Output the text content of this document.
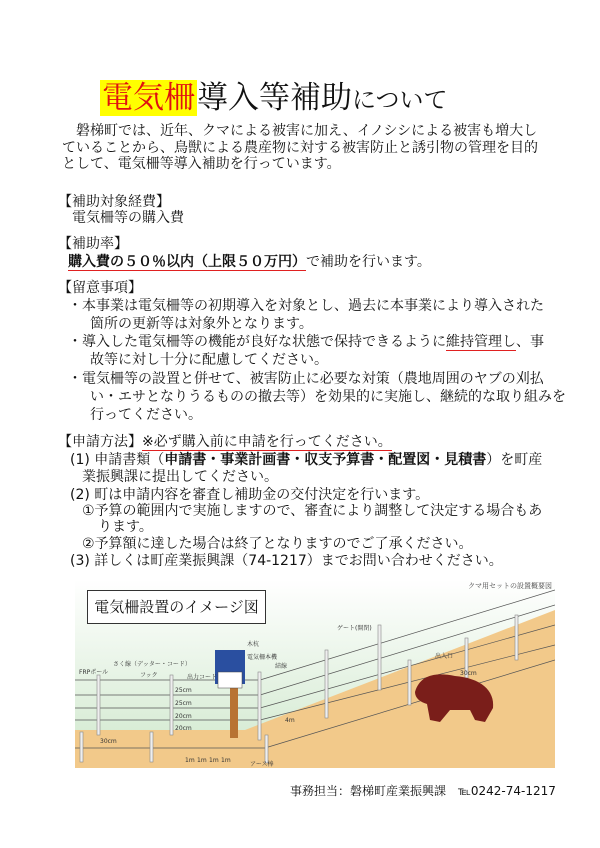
電気柵導入等補助について
　磐梯町では、近年、クマによる被害に加え、イノシシによる被害も増大し
ていることから、鳥獣による農産物に対する被害防止と誘引物の管理を目的
として、電気柵等導入補助を行っています。
【補助対象経費】
電気柵等の購入費
【補助率】
購入費の５０％以内（上限５０万円）で補助を行います。
【留意事項】
・本事業は電気柵等の初期導入を対象とし、過去に本事業により導入された
箇所の更新等は対象外となります。
・導入した電気柵等の機能が良好な状態で保持できるように維持管理し、事
故等に対し十分に配慮してください。
・電気柵等の設置と併せて、被害防止に必要な対策（農地周囲のヤブの刈払
い・エサとなりうるものの撤去等）を効果的に実施し、継続的な取り組みを
行ってください。
【申請方法】※必ず購入前に申請を行ってください。
(1) 申請書類（申請書・事業計画書・収支予算書・配置図・見積書）を町産
業振興課に提出してください。
(2) 町は申請内容を審査し補助金の交付決定を行います。
①予算の範囲内で実施しますので、審査により調整して決定する場合もあ
ります。
②予算額に達した場合は終了となりますのでご了承ください。
(3) 詳しくは町産業振興課（74-1217）までお問い合わせください。
FRPポール
さく線（デッター・コード）
フック	出力コード
木杭
電気柵本機
結線
ゲート(開閉)
出入口
アース棒
25cm
25cm
20cm
20cm
30cm
30cm
4m
1m 1m 1m 1m
電気柵設置のイメージ図
クマ用セットの設置概要図
事務担当：磐梯町産業振興課　℡0242-74-1217
